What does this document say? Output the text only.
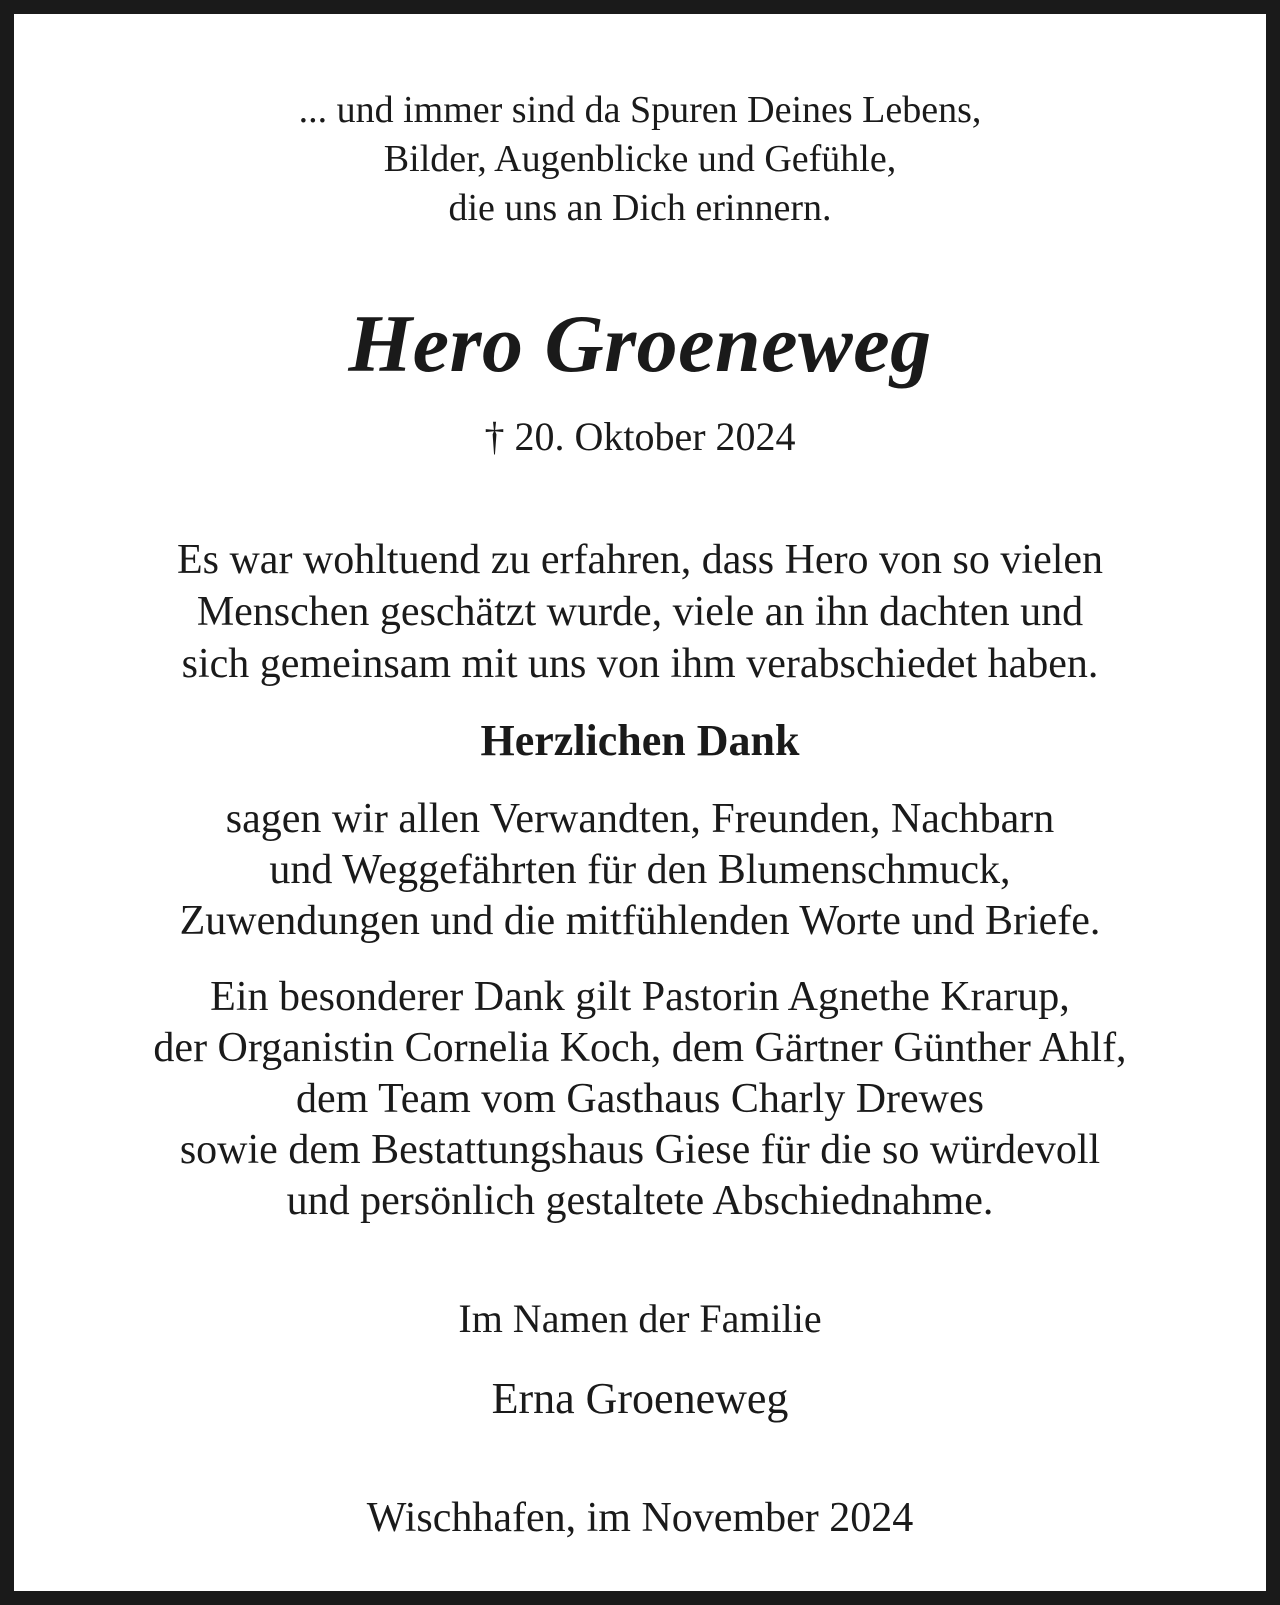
... und immer sind da Spuren Deines Lebens,
Bilder, Augenblicke und Gefühle,
die uns an Dich erinnern.

Hero Groeneweg

† 20. Oktober 2024

Es war wohltuend zu erfahren, dass Hero von so vielen
Menschen geschätzt wurde, viele an ihn dachten und
sich gemeinsam mit uns von ihm verabschiedet haben.

Herzlichen Dank

sagen wir allen Verwandten, Freunden, Nachbarn
und Weggefährten für den Blumenschmuck,
Zuwendungen und die mitfühlenden Worte und Briefe.

Ein besonderer Dank gilt Pastorin Agnethe Krarup,
der Organistin Cornelia Koch, dem Gärtner Günther Ahlf,
dem Team vom Gasthaus Charly Drewes
sowie dem Bestattungshaus Giese für die so würdevoll
und persönlich gestaltete Abschiednahme.

Im Namen der Familie

Erna Groeneweg

Wischhafen, im November 2024
